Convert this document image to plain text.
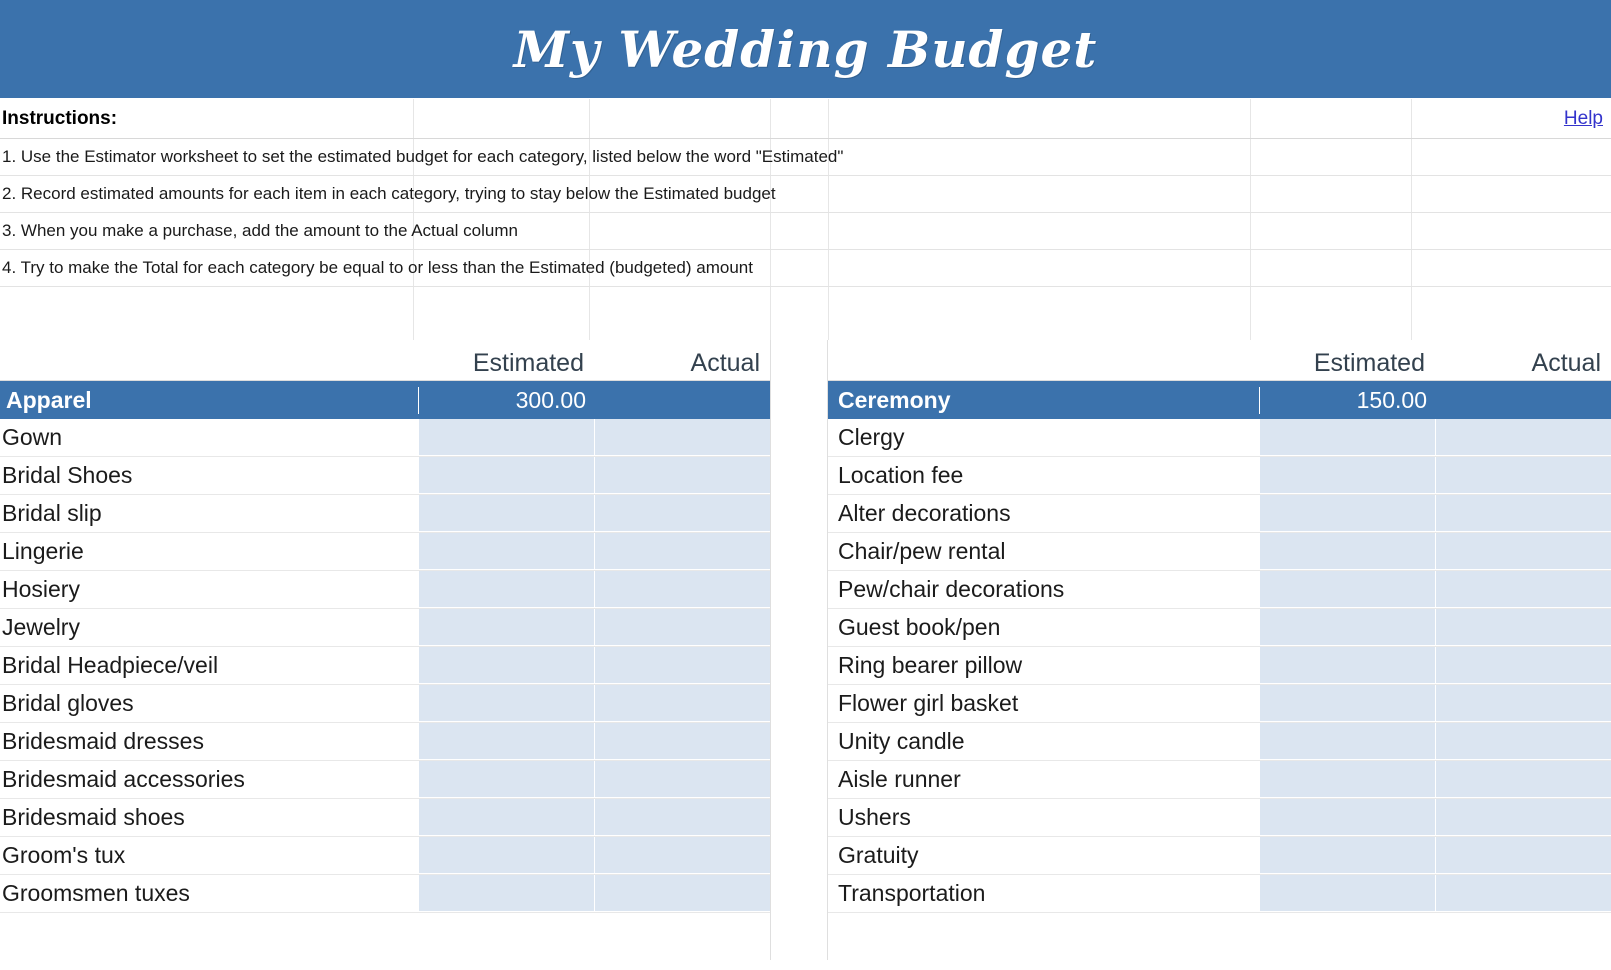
My Wedding Budget
Instructions:	Help
1. Use the Estimator worksheet to set the estimated budget for each category, listed below the word "Estimated"
2. Record estimated amounts for each item in each category, trying to stay below the Estimated budget
3. When you make a purchase, add the amount to the Actual column
4. Try to make the Total for each category be equal to or less than the Estimated (budgeted) amount
Estimated	Actual
Apparel	300.00
Gown
Bridal Shoes
Bridal slip
Lingerie
Hosiery
Jewelry
Bridal Headpiece/veil
Bridal gloves
Bridesmaid dresses
Bridesmaid accessories
Bridesmaid shoes
Groom's tux
Groomsmen tuxes
Estimated	Actual
Ceremony	150.00
Clergy
Location fee
Alter decorations
Chair/pew rental
Pew/chair decorations
Guest book/pen
Ring bearer pillow
Flower girl basket
Unity candle
Aisle runner
Ushers
Gratuity
Transportation
